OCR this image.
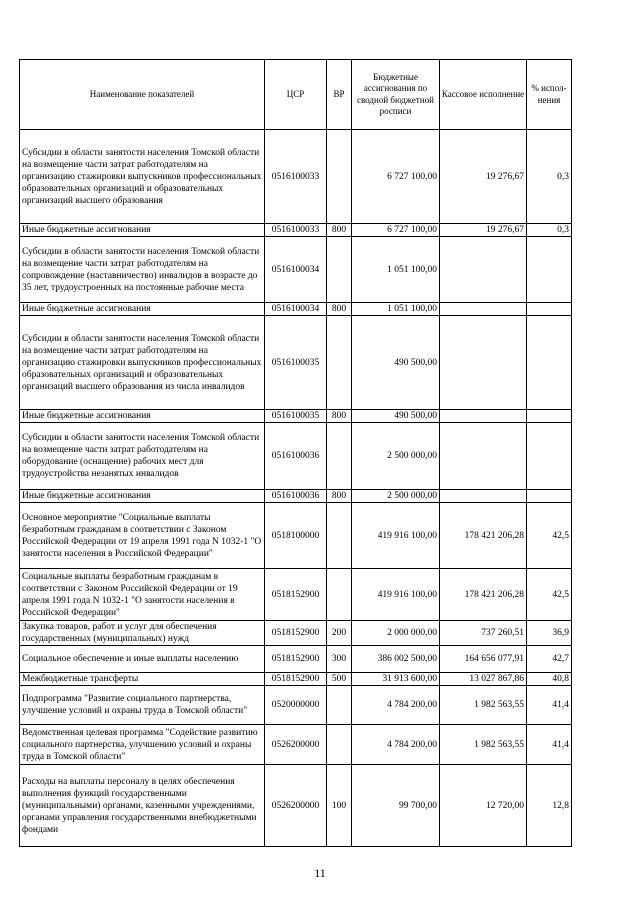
Наименование показателей	ЦСР	ВР	Бюджетные ассигнования по сводной бюджетной росписи	Кассовое исполнение	% испол-нения
Субсидии в области занятости населения Томской области на возмещение части затрат работодателям на организацию стажировки выпускников профессиональных образовательных организаций и образовательных организаций высшего образования	0516100033		6 727 100,00	19 276,67	0,3
Иные бюджетные ассигнования	0516100033	800	6 727 100,00	19 276,67	0,3
Субсидии в области занятости населения Томской области на возмещение части затрат работодателям на сопровождение (наставничество) инвалидов в возрасте до 35 лет, трудоустроенных на постоянные рабочие места	0516100034		1 051 100,00		
Иные бюджетные ассигнования	0516100034	800	1 051 100,00		
Субсидии в области занятости населения Томской области на возмещение части затрат работодателям на организацию стажировки выпускников профессиональных образовательных организаций и образовательных организаций высшего образования из числа инвалидов	0516100035		490 500,00		
Иные бюджетные ассигнования	0516100035	800	490 500,00		
Субсидии в области занятости населения Томской области на возмещение части затрат работодателям на оборудование (оснащение) рабочих мест для трудоустройства незанятых инвалидов	0516100036		2 500 000,00		
Иные бюджетные ассигнования	0516100036	800	2 500 000,00		
Основное мероприятие "Социальные выплаты безработным гражданам в соответствии с Законом Российской Федерации от 19 апреля 1991 года N 1032-1 "О занятости населения в Российской Федерации"	0518100000		419 916 100,00	178 421 206,28	42,5
Социальные выплаты безработным гражданам в соответствии с Законом Российской Федерации от 19 апреля 1991 года N 1032-1 "О занятости населения в Российской Федерации"	0518152900		419 916 100,00	178 421 206,28	42,5
Закупка товаров, работ и услуг для обеспечения государственных (муниципальных) нужд	0518152900	200	2 000 000,00	737 260,51	36,9
Социальное обеспечение и иные выплаты населению	0518152900	300	386 002 500,00	164 656 077,91	42,7
Межбюджетные трансферты	0518152900	500	31 913 600,00	13 027 867,86	40,8
Подпрограмма "Развитие социального партнерства, улучшение условий и охраны труда в Томской области"	0520000000		4 784 200,00	1 982 563,55	41,4
Ведомственная целевая программа "Содействие развитию социального партнерства, улучшению условий и охраны труда в Томской области"	0526200000		4 784 200,00	1 982 563,55	41,4
Расходы на выплаты персоналу в целях обеспечения выполнения функций государственными (муниципальными) органами, казенными учреждениями, органами управления государственными внебюджетными фондами	0526200000	100	99 700,00	12 720,00	12,8
11
